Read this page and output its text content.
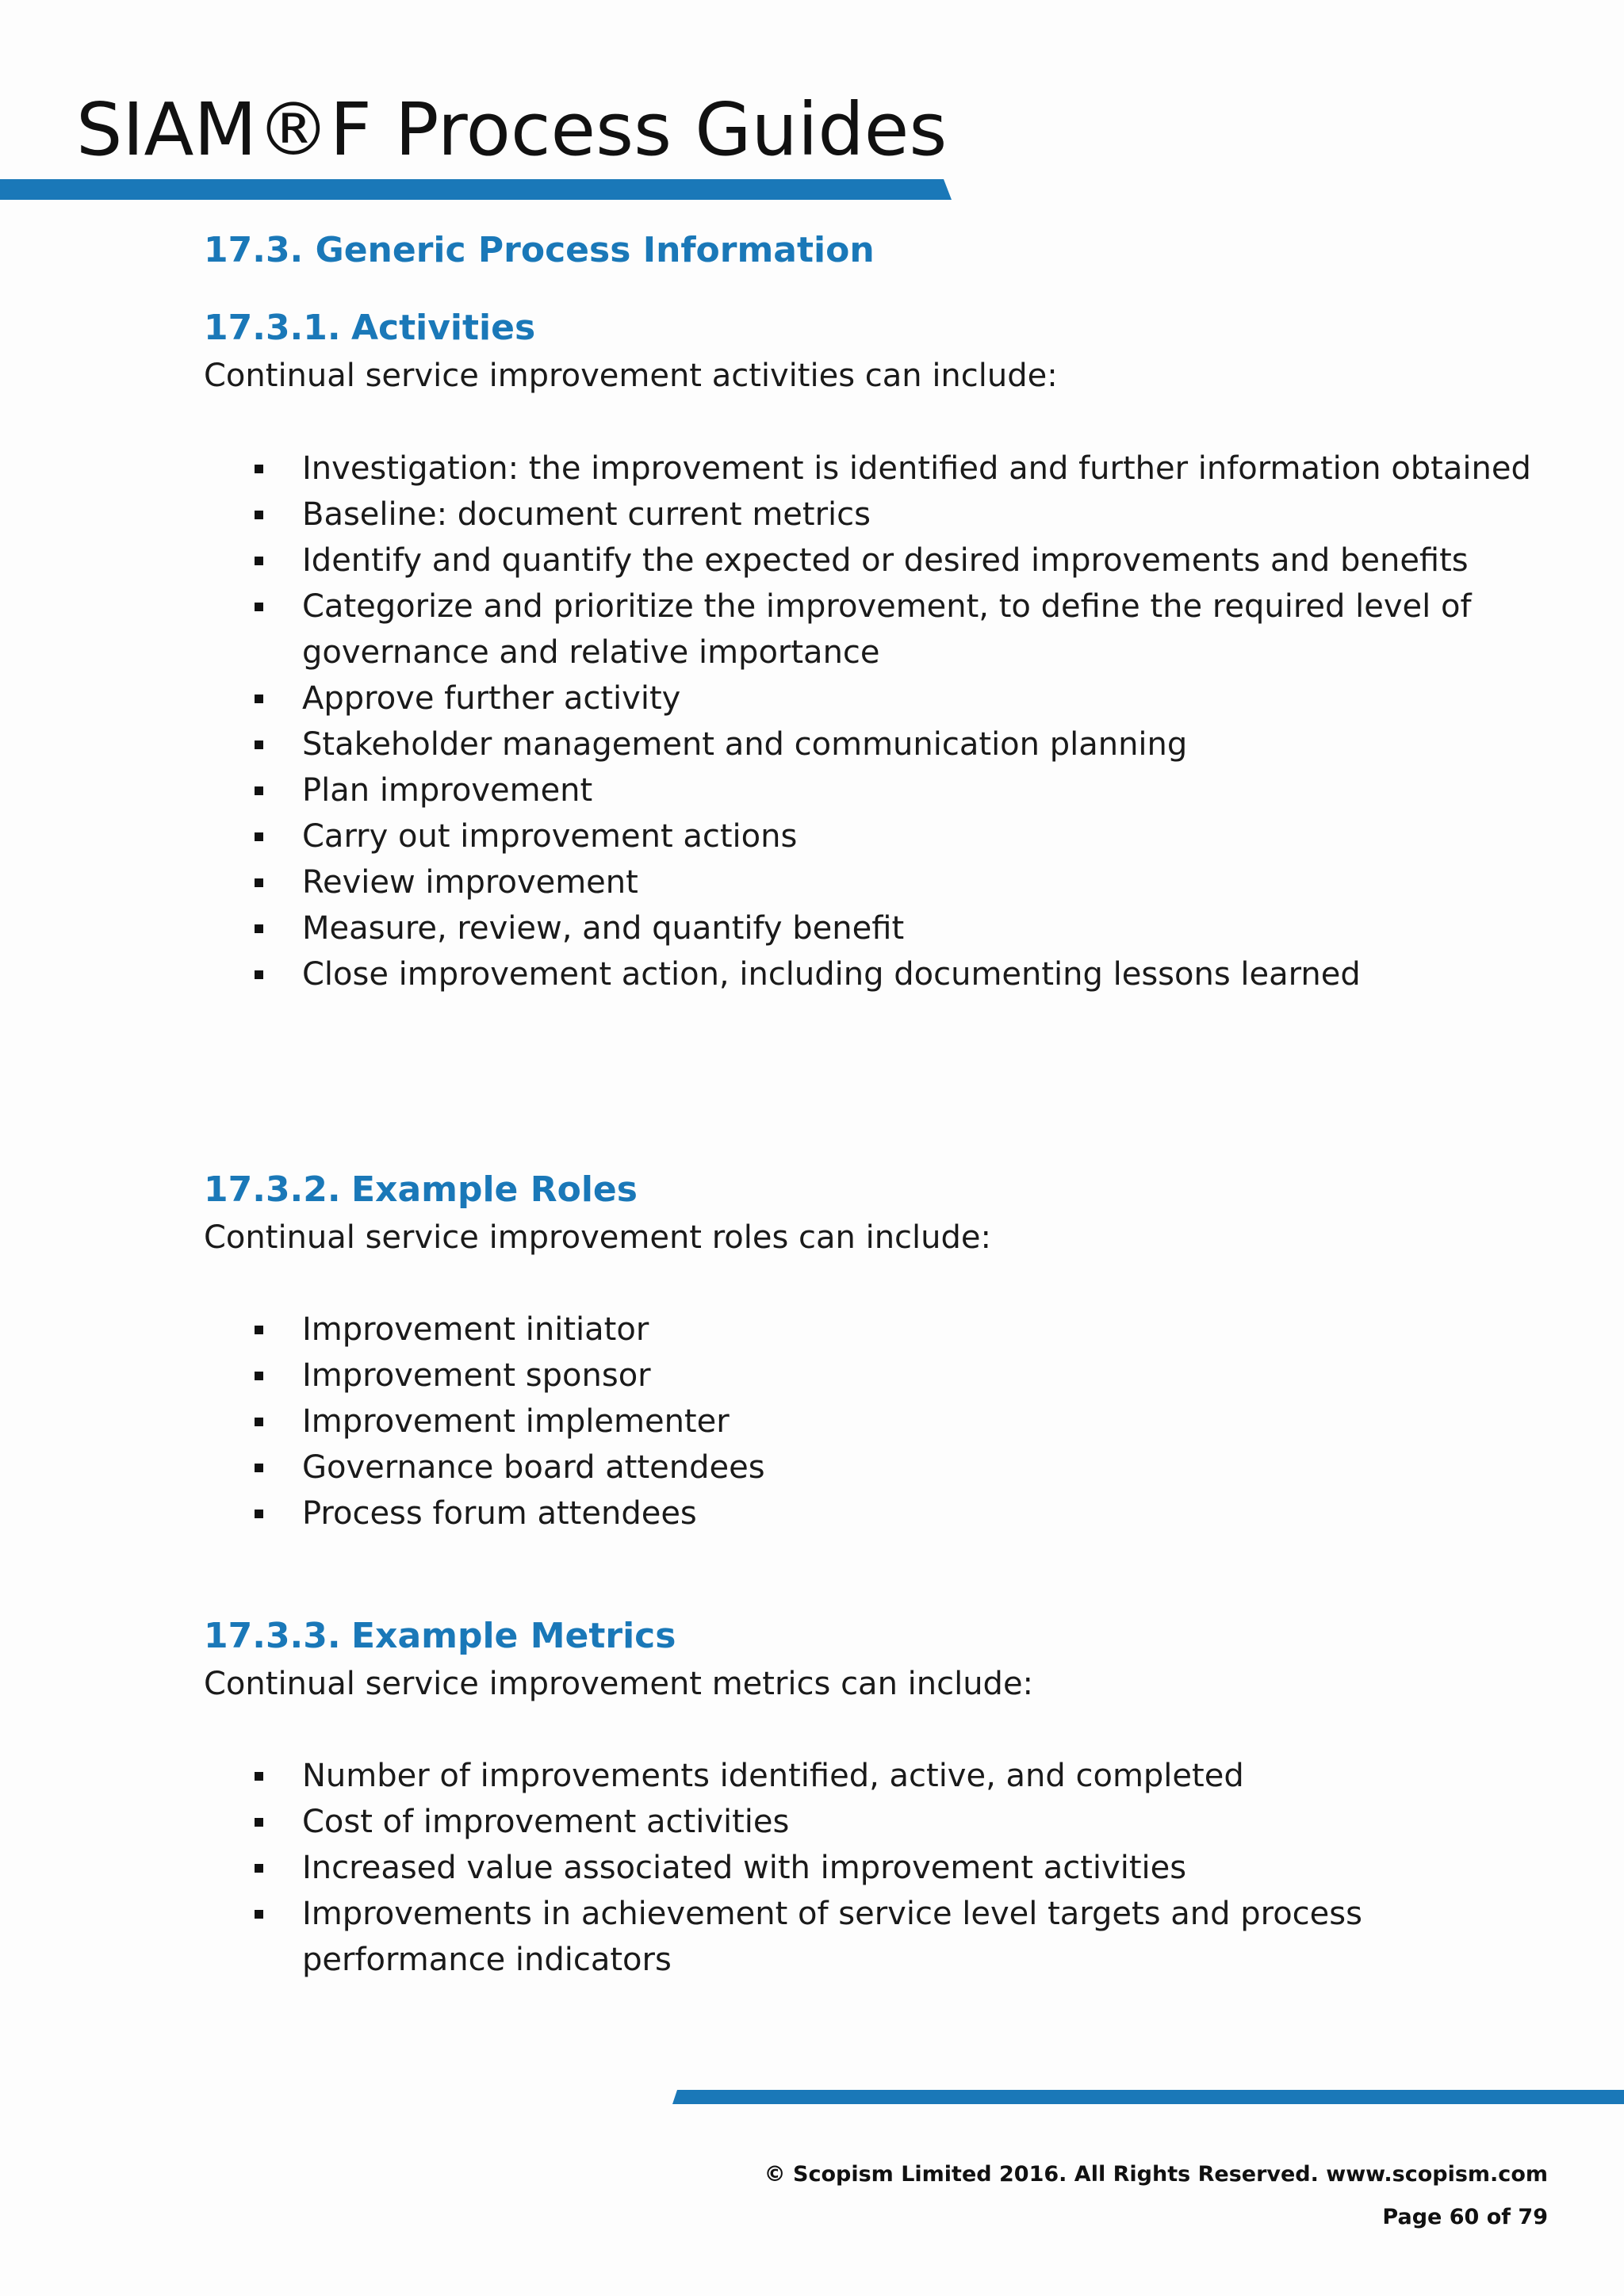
SIAM®F Process Guides
17.3. Generic Process Information
17.3.1. Activities
Continual service improvement activities can include:
Investigation: the improvement is identified and further information obtained
Baseline: document current metrics
Identify and quantify the expected or desired improvements and benefits
Categorize and prioritize the improvement, to define the required level of governance and relative importance
Approve further activity
Stakeholder management and communication planning
Plan improvement
Carry out improvement actions
Review improvement
Measure, review, and quantify benefit
Close improvement action, including documenting lessons learned
17.3.2. Example Roles
Continual service improvement roles can include:
Improvement initiator
Improvement sponsor
Improvement implementer
Governance board attendees
Process forum attendees
17.3.3. Example Metrics
Continual service improvement metrics can include:
Number of improvements identified, active, and completed
Cost of improvement activities
Increased value associated with improvement activities
Improvements in achievement of service level targets and process performance indicators
© Scopism Limited 2016. All Rights Reserved. www.scopism.com
Page 60 of 79
